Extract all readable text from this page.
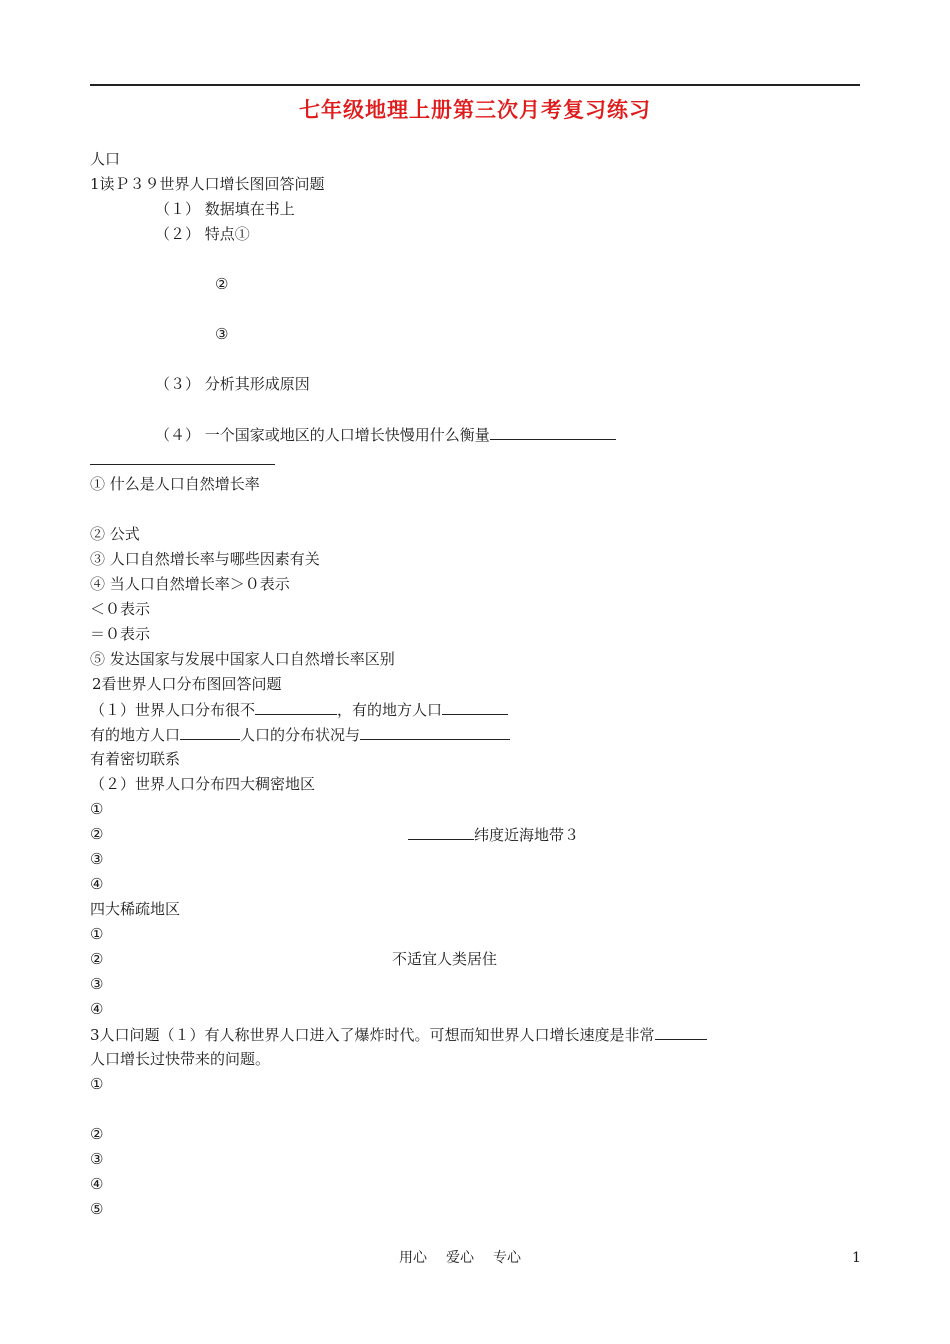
七年级地理上册第三次月考复习练习
人口
1读Ｐ３９世界人口增长图回答问题
（１） 数据填在书上
（２） 特点①
②
③
（３） 分析其形成原因
（４） 一个国家或地区的人口增长快慢用什么衡量
① 什么是人口自然增长率
② 公式
③ 人口自然增长率与哪些因素有关
④ 当人口自然增长率＞０表示
＜０表示
＝０表示
⑤ 发达国家与发展中国家人口自然增长率区别
2看世界人口分布图回答问题
（１）世界人口分布很不	，有的地方人口
有的地方人口	人口的分布状况与
有着密切联系
（２）世界人口分布四大稠密地区
①
②	纬度近海地带３
③
④
四大稀疏地区
①
②	不适宜人类居住
③
④
3人口问题（１）有人称世界人口进入了爆炸时代。可想而知世界人口增长速度是非常
人口增长过快带来的问题。
①
②
③
④
⑤
用心 爱心 专心	1
